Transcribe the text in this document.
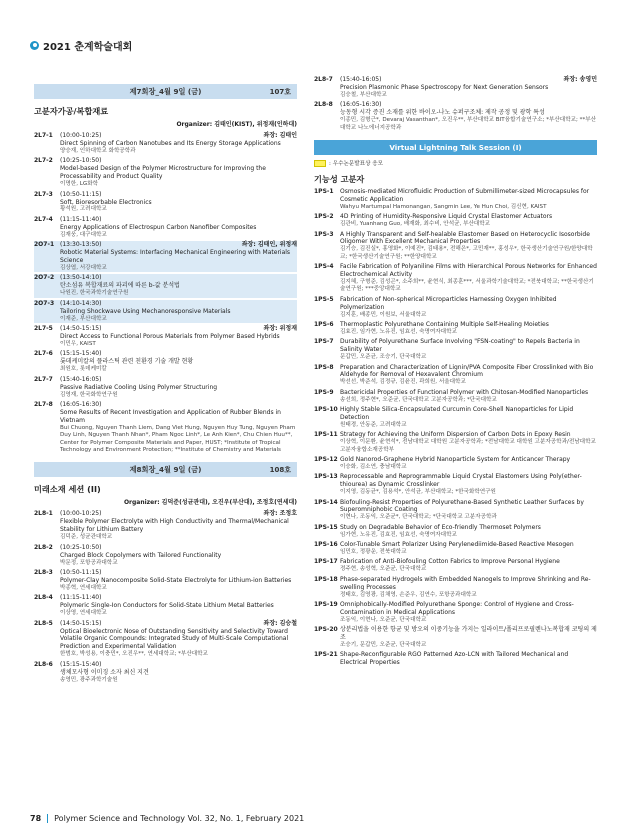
2021 춘계학술대회
제7회장_4월 9일 (금)	107호
고분자가공/복합재료
Organizer: 김태인(KIST), 위정재(인하대)
2L7-1	(10:00-10:25)	좌장: 김태인
Direct Spinning of Carbon Nanotubes and Its Energy Storage Applications
양승재, 인하대학교 화학공학과
2L7-2	(10:25-10:50)
Model-based Design of the Polymer Microstructure for Improving the Processability and Product Quality
이명한, LG화학
2L7-3	(10:50-11:15)
Soft, Bioresorbable Electronics
황석원, 고려대학교
2L7-4	(11:15-11:40)
Energy Applications of Electrospun Carbon Nanofiber Composites
김재웅, 대구대학교
2O7-1 (13:30-13:50)	좌장: 김태인, 위정재
Robotic Material Systems: Interfacing Mechanical Engineering with Materials Science
김상엽, 서강대학교
2O7-2 (13:50-14:10)
탄소섬유 복합재료의 파괴에 따른 b-값 분석법
나원진, 한국과학기술연구원
2O7-3 (14:10-14:30)
Tailoring Shockwave Using Mechanoresponsive Materials
이재준, 부산대학교
2L7-5	(14:50-15:15)	좌장: 위정재
Direct Access to Functional Porous Materials from Polymer Based Hybrids
이민우, KAIST
2L7-6	(15:15-15:40)
롯데케미칼의 플라스틱 관련 친환경 기술 개발 현황
최원호, 롯데케미칼
2L7-7	(15:40-16:05)
Passive Radiative Cooling Using Polymer Structuring
김영재, 한국화학연구원
2L7-8	(16:05-16:30)
Some Results of Recent Investigation and Application of Rubber Blends in Vietnam
Bui Chuong, Nguyen Thanh Liem, Dang Viet Hung, Nguyen Huy Tung, Nguyen Pham Duy Linh, Nguyen Thanh Nhan*, Pham Ngoc Linh*, Le Anh Kien*, Chu Chien Huu**, Center for Polymer Composite Materials and Paper, HUST; *Institute of Tropical Technology and Environment Protection; **Institute of Chemistry and Materials
제8회장_4월 9일 (금)	108호
미래소재 세션 (II)
Organizer: 김덕준(성균관대), 오진우(부산대), 조정호(연세대)
2L8-1	(10:00-10:25)	좌장: 조정호
Flexible Polymer Electrolyte with High Conductivity and Thermal/Mechanical Stability for Lithium Battery
김덕준, 성균관대학교
2L8-2	(10:25-10:50)
Charged Block Copolymers with Tailored Functionality
박문정, 포항공과대학교
2L8-3	(10:50-11:15)
Polymer-Clay Nanocomposite Solid-State Electrolyte for Lithium-ion Batteries
박종혁, 연세대학교
2L8-4	(11:15-11:40)
Polymeric Single-Ion Conductors for Solid-State Lithium Metal Batteries
이상영, 연세대학교
2L8-5	(14:50-15:15)	좌장: 김승철
Optical Bioelectronic Nose of Outstanding Sensitivity and Selectivity Toward Volatile Organic Compounds: Integrated Study of Multi-Scale Computational Prediction and Experimental Validation
한범호, 박성용, 이충민*, 오진우**, 연세대학교; *부산대학교
2L8-6	(15:15-15:40)
생체모사형 이미징 소자 최신 지견
송영민, 광주과학기술원
2L8-7	(15:40-16:05)	좌장: 송영민
Precision Plasmonic Phase Spectroscopy for Next Generation Sensors
김승철, 부산대학교
2L8-8	(16:05-16:30)
능동형 시각 증진 소재를 위한 바이오-나노 슈퍼구조체: 제작 공정 및 광학 특성
이종민, 김형근*, Devaraj Vasanthan*, 오진우**, 부산대학교 BIT융합기술연구소; *부산대학교; **부산대학교 나노에너지공학과
Virtual Lightning Talk Session (I)
: 우수논문발표상 응모
기능성 고분자
1PS-1	Osmosis-mediated Microfluidic Production of Submillimeter-sized Microcapsules for Cosmetic Application
Wahyu Martumpal Hamonangan, Sangmin Lee, Ye Hun Choi, 김신현, KAIST
1PS-2	4D Printing of Humidity-Responsive Liquid Crystal Elastomer Actuators
김관비, Yuanhang Guo, 배재화, 최수비, 안석균, 부산대학교
1PS-3	A Highly Transparent and Self-healable Elastomer Based on Heterocyclic Isosorbide Oligomer With Excellent Mechanical Properties
김기승, 김진실*, 홍영화*, 이예진*, 김태용*, 전해은*, 고민재**, 홍성우*, 한국생산기술연구원/한양대학교; *한국생산기술연구원; **한양대학교
1PS-4	Facile Fabrication of Polyaniline Films with Hierarchical Porous Networks for Enhanced Electrochemical Activity
김지혜, 구형준, 김성곤*, 소주희**, 윤현식, 최종훈***, 서울과학기술대학교; *전북대학교; **한국생산기술연구원; ***중앙대학교
1PS-5	Fabrication of Non-spherical Microparticles Harnessing Oxygen Inhibited Polymerization
김지훈, 배종민, 이원보, 서울대학교
1PS-6	Thermoplastic Polyurethane Containing Multiple Self-Healing Moieties
김효진, 임가현, 노유진, 임효선, 숙명여자대학교
1PS-7	Durability of Polyurethane Surface Involving "FSN-coating" to Repels Bacteria in Salinity Water
문갑민, 오준균, 조승기, 단국대학교
1PS-8	Preparation and Characterization of Lignin/PVA Composite Fiber Crosslinked with Bio Aldehyde for Removal of Hexavalent Chromium
박선선, 박준석, 김정규, 김윤진, 곽희원, 서울대학교
1PS-9	Bactericidal Properties of Functional Polymer with Chitosan-Modified Nanoparticles
송선희, 정주현*, 오준균, 단국대학교 고분자공학과; *단국대학교
1PS-10 Highly Stable Silica-Encapsulated Curcumin Core-Shell Nanoparticles for Lipid Detection
원태경, 안동준, 고려대학교
1PS-11 Strategy for Achieving the Uniform Dispersion of Carbon Dots in Epoxy Resin
이상혁, 이문환, 윤현석*, 전남대학교 대학원 고분자공학과; *전남대학교 대학원 고분자공학과/전남대학교 고분자융합소재공학부
1PS-12 Gold Nanorod-Graphene Hybrid Nanoparticle System for Anticancer Therapy
이승화, 김소연, 충남대학교
1PS-13 Reprocessable and Reprogrammable Liquid Crystal Elastomers Using Poly(ether-thiourea) as Dynamic Crosslinker
이지영, 김동균*, 김용석*, 안석균, 부산대학교; *한국화학연구원
1PS-14 Biofouling-Resist Properties of Polyurethane-Based Synthetic Leather Surfaces by Superomniphobic Coating
이현나, 조동익, 오준균*, 단국대학교; *단국대학교 고분자공학과
1PS-15 Study on Degradable Behavior of Eco-friendly Thermoset Polymers
임가현, 노유진, 김효진, 임효선, 숙명여자대학교
1PS-16 Color-Tunable Smart Polarizer Using Perylenediimide-Based Reactive Mesogen
임민호, 정광운, 전북대학교
1PS-17 Fabrication of Anti-Biofouling Cotton Fabrics to Improve Personal Hygiene
정주현, 송성혁, 오준균, 단국대학교
1PS-18 Phase-separated Hydrogels with Embedded Nanogels to Improve Shrinking and Re-swelling Processes
정태호, 김영광, 김채영, 손준우, 김연수, 포항공과대학교
1PS-19 Omniphobically-Modified Polyurethane Sponge: Control of Hygiene and Cross-Contamination in Medical Applications
조동익, 이현나, 오준균, 단국대학교
1PS-20 상분리법을 이용한 항균 및 방오의 이중기능을 가지는 일라이트/폴리프로필렌나노복합재 코팅의 제조
조승기, 문갑민, 오준균, 단국대학교
1PS-21 Shape-Reconfigurable RGO Patterned Azo-LCN with Tailored Mechanical and Electrical Properties
78 Polymer Science and Technology Vol. 32, No. 1, February 2021
